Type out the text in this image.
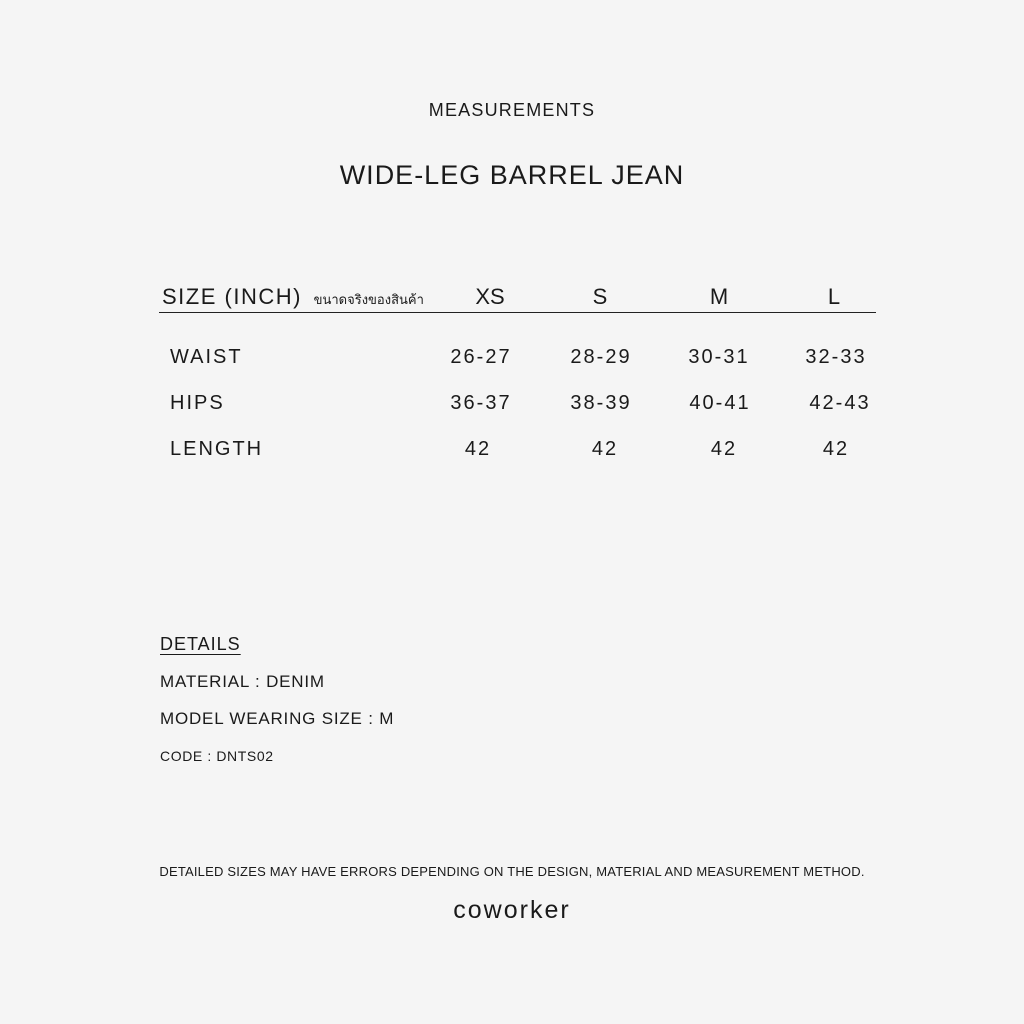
MEASUREMENTS
WIDE-LEG BARREL JEAN
SIZE (INCH) ขนาดจริงของสินค้า	XS	S	M	L
WAIST	26-27	28-29	30-31	32-33
HIPS	36-37	38-39	40-41	42-43
LENGTH	42	42	42	42
DETAILS
MATERIAL : DENIM
MODEL WEARING SIZE : M
CODE : DNTS02
DETAILED SIZES MAY HAVE ERRORS DEPENDING ON THE DESIGN, MATERIAL AND MEASUREMENT METHOD.
coworker
